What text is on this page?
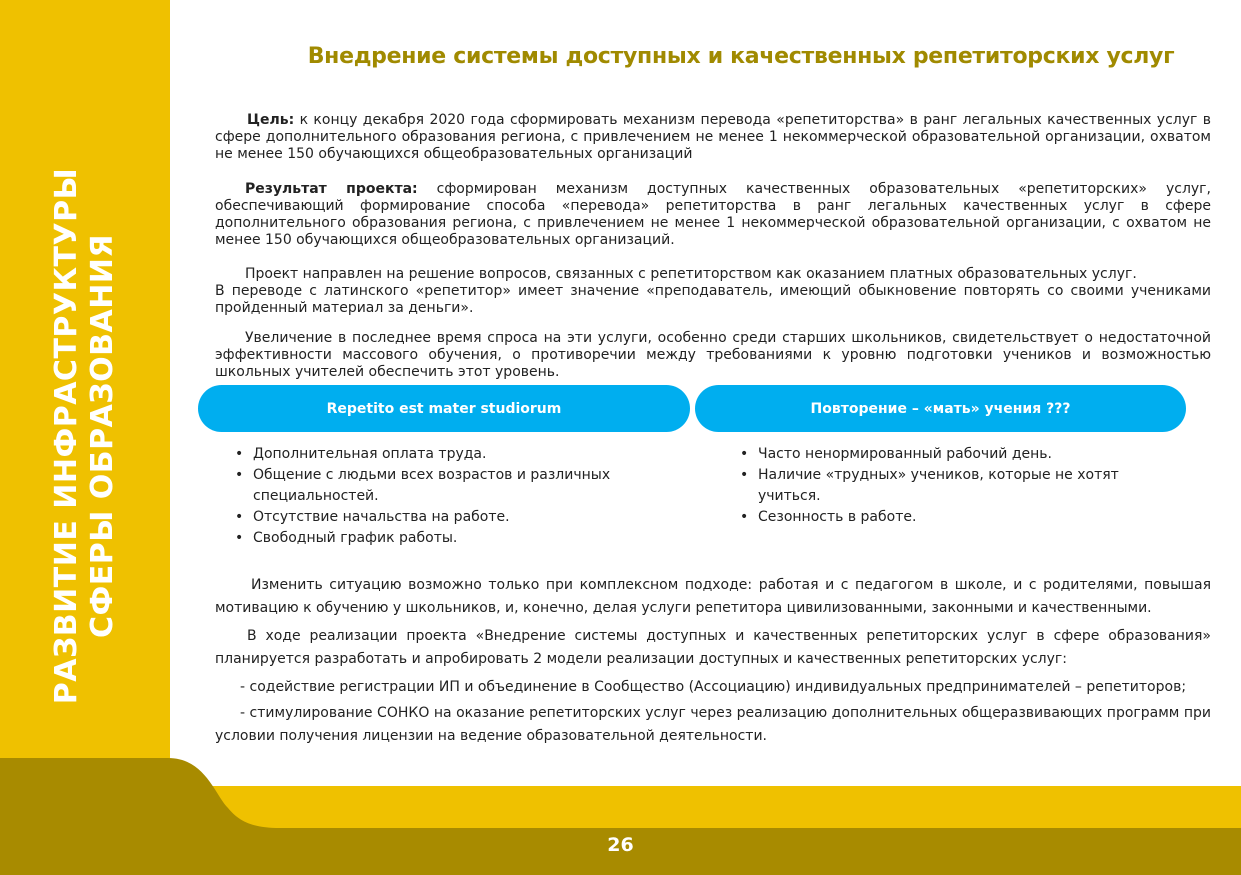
РАЗВИТИЕ ИНФРАСТРУКТУРЫ СФЕРЫ ОБРАЗОВАНИЯ
26
Внедрение системы доступных и качественных репетиторских услуг

Цель: к концу декабря 2020 года сформировать механизм перевода «репетиторства» в ранг легальных качественных услуг в сфере дополнительного образования региона, с привлечением не менее 1 некоммерческой образовательной организации, охватом не менее 150 обучающихся общеобразовательных организаций

Результат проекта: сформирован механизм доступных качественных образовательных «репетиторских» услуг, обеспечивающий формирование способа «перевода» репетиторства в ранг легальных качественных услуг в сфере дополнительного образования региона, с привлечением не менее 1 некоммерческой образовательной организации, с охватом не менее 150 обучающихся общеобразовательных организаций.

Проект направлен на решение вопросов, связанных с репетиторством как оказанием платных образовательных услуг.

В переводе с латинского «репетитор» имеет значение «преподаватель, имеющий обыкновение повторять со своими учениками пройденный материал за деньги».

Увеличение в последнее время спроса на эти услуги, особенно среди старших школьников, свидетельствует о недостаточной эффективности массового обучения, о противоречии между требованиями к уровню подготовки учеников и возможностью школьных учителей обеспечить этот уровень.

Repetito est mater studiorum	Повторение – «мать» учения ???
• Дополнительная оплата труда.
• Общение с людьми всех возрастов и различных специальностей.
• Отсутствие начальства на работе.
• Свободный график работы.
• Часто ненормированный рабочий день.
• Наличие «трудных» учеников, которые не хотят учиться.
• Сезонность в работе.

Изменить ситуацию возможно только при комплексном подходе: работая и с педагогом в школе, и с родителями, повышая мотивацию к обучению у школьников, и, конечно, делая услуги репетитора цивилизованными, законными и качественными.

В ходе реализации проекта «Внедрение системы доступных и качественных репетиторских услуг в сфере образования» планируется разработать и апробировать 2 модели реализации доступных и качественных репетиторских услуг:

- содействие регистрации ИП и объединение в Сообщество (Ассоциацию) индивидуальных предпринимателей – репетиторов;

- стимулирование СОНКО на оказание репетиторских услуг через реализацию дополнительных общеразвивающих программ при условии получения лицензии на ведение образовательной деятельности.
